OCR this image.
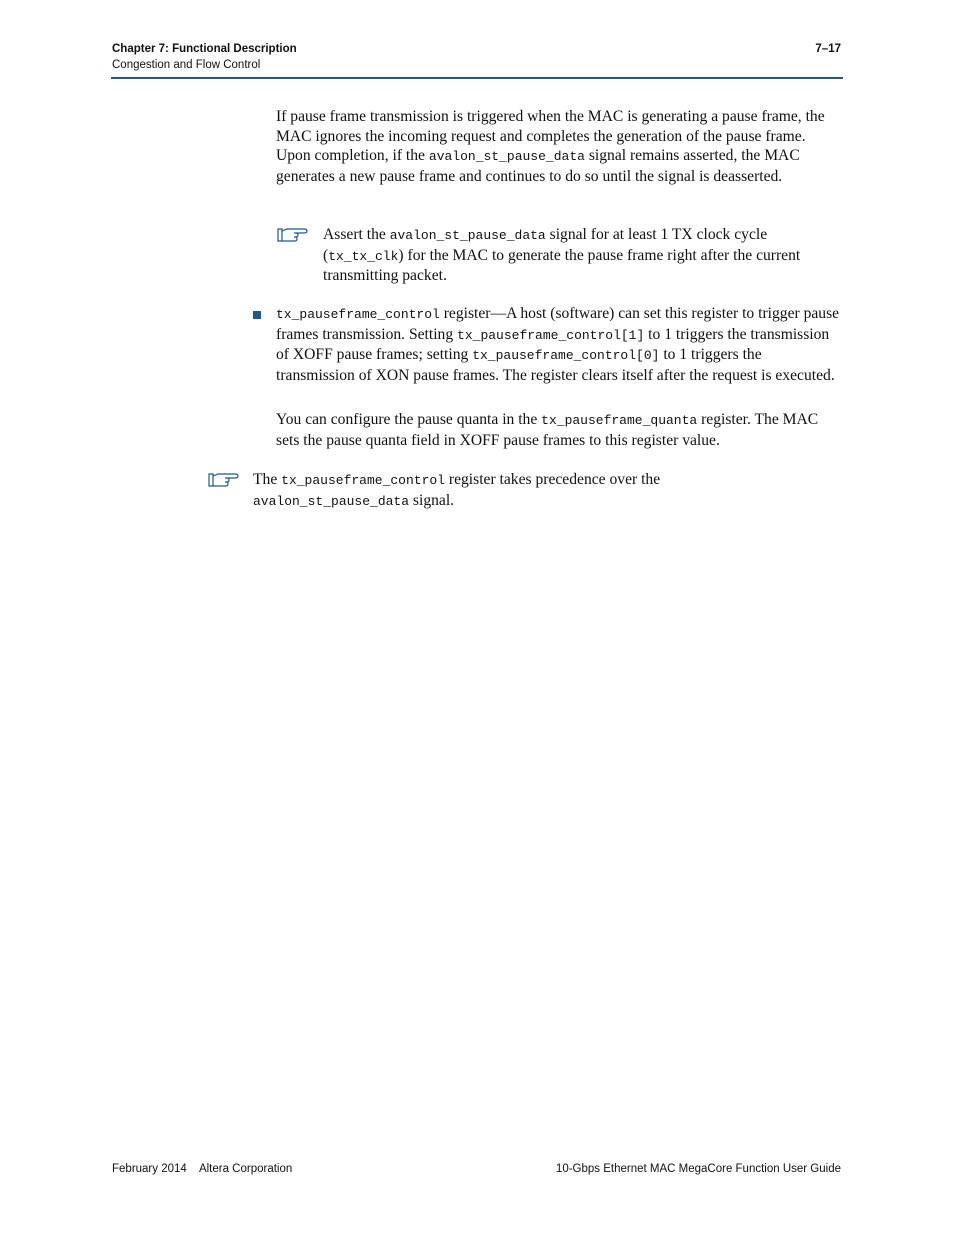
Chapter 7: Functional Description
Congestion and Flow Control
7–17
If pause frame transmission is triggered when the MAC is generating a pause frame, the MAC ignores the incoming request and completes the generation of the pause frame. Upon completion, if the avalon_st_pause_data signal remains asserted, the MAC generates a new pause frame and continues to do so until the signal is deasserted.
Assert the avalon_st_pause_data signal for at least 1 TX clock cycle (tx_tx_clk) for the MAC to generate the pause frame right after the current transmitting packet.
tx_pauseframe_control register—A host (software) can set this register to trigger pause frames transmission. Setting tx_pauseframe_control[1] to 1 triggers the transmission of XOFF pause frames; setting tx_pauseframe_control[0] to 1 triggers the transmission of XON pause frames. The register clears itself after the request is executed.
You can configure the pause quanta in the tx_pauseframe_quanta register. The MAC sets the pause quanta field in XOFF pause frames to this register value.
The tx_pauseframe_control register takes precedence over the avalon_st_pause_data signal.
February 2014    Altera Corporation	10-Gbps Ethernet MAC MegaCore Function User Guide
